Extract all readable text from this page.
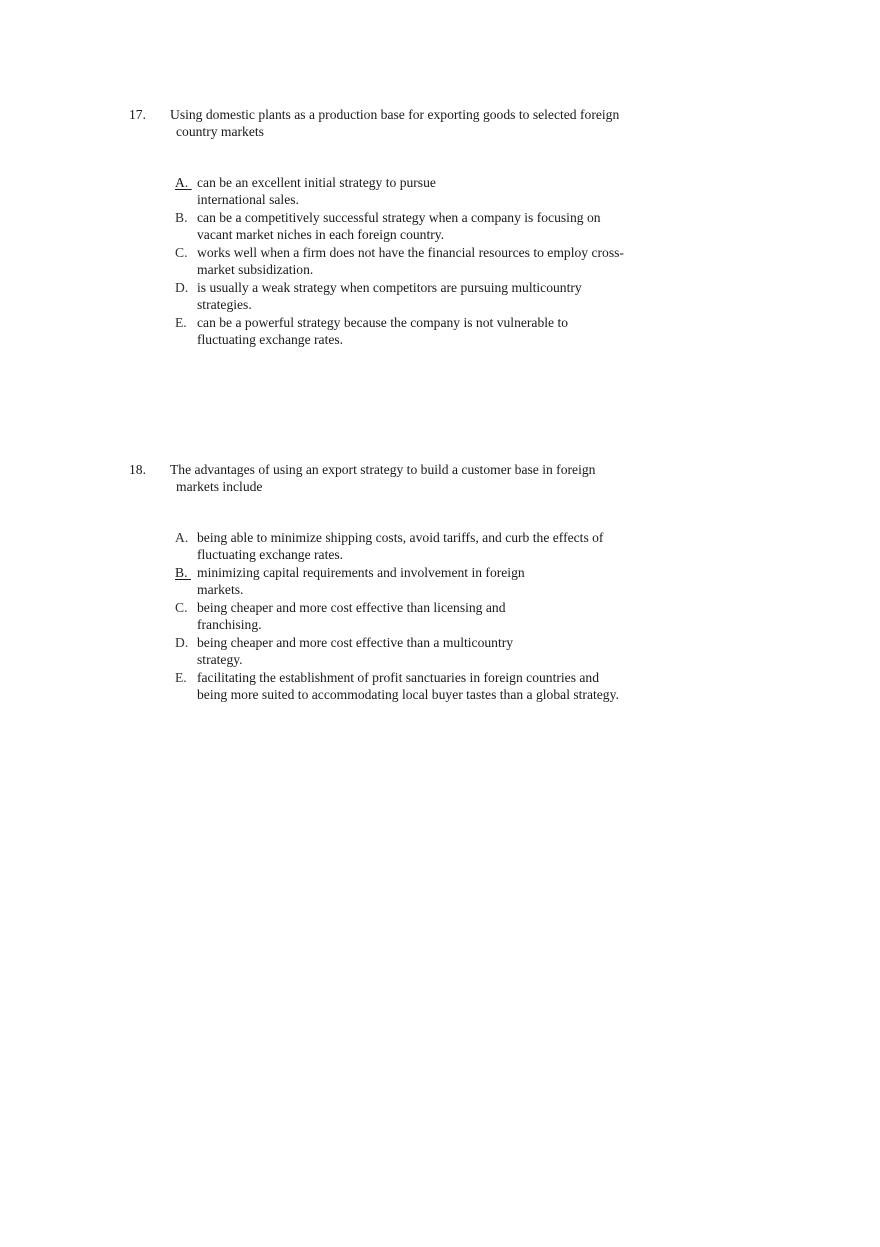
17. Using domestic plants as a production base for exporting goods to selected foreign
country markets
A. can be an excellent initial strategy to pursue
international sales.
B. can be a competitively successful strategy when a company is focusing on
vacant market niches in each foreign country.
C. works well when a firm does not have the financial resources to employ cross-
market subsidization.
D. is usually a weak strategy when competitors are pursuing multicountry
strategies.
E. can be a powerful strategy because the company is not vulnerable to
fluctuating exchange rates.
18. The advantages of using an export strategy to build a customer base in foreign
markets include
A. being able to minimize shipping costs, avoid tariffs, and curb the effects of
fluctuating exchange rates.
B. minimizing capital requirements and involvement in foreign
markets.
C. being cheaper and more cost effective than licensing and
franchising.
D. being cheaper and more cost effective than a multicountry
strategy.
E. facilitating the establishment of profit sanctuaries in foreign countries and
being more suited to accommodating local buyer tastes than a global strategy.
